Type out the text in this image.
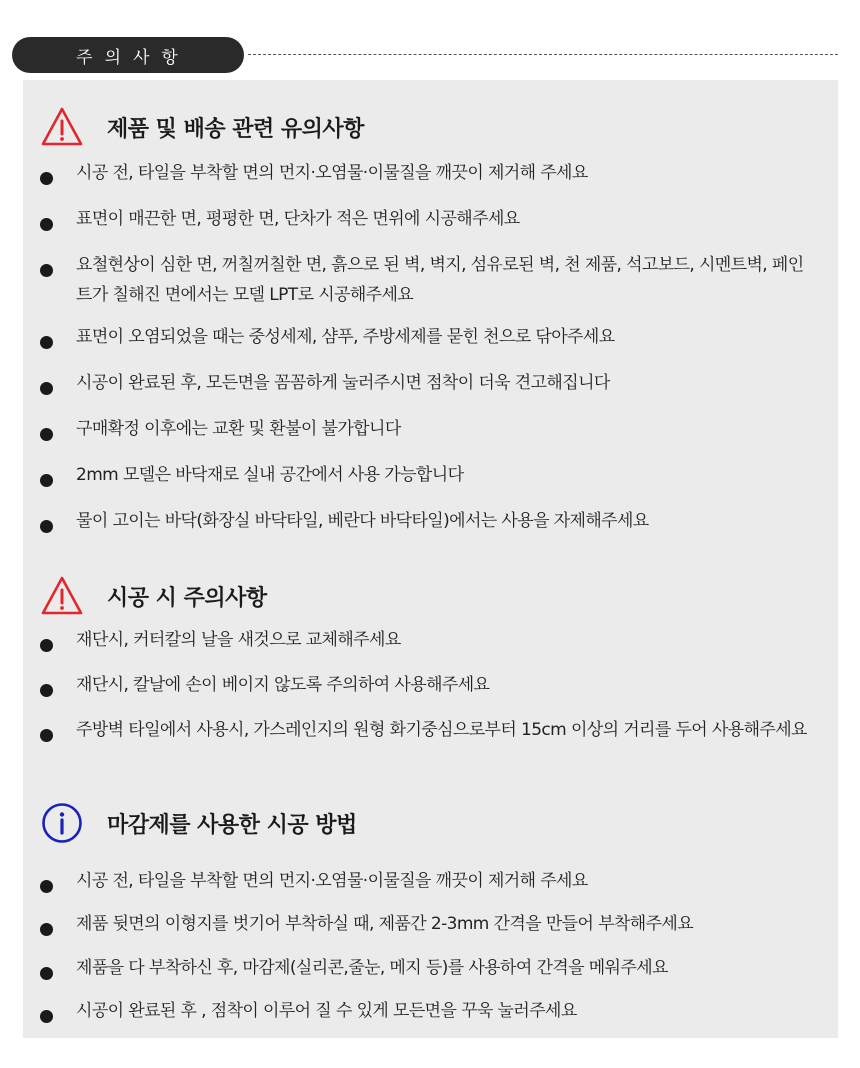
주의사항
제품 및 배송 관련 유의사항
시공 전, 타일을 부착할 면의 먼지·오염물·이물질을 깨끗이 제거해 주세요
표면이 매끈한 면, 평평한 면, 단차가 적은 면위에 시공해주세요
요철현상이 심한 면, 꺼칠꺼칠한 면, 흙으로 된 벽, 벽지, 섬유로된 벽, 천 제품, 석고보드, 시멘트벽, 페인트가 칠해진 면에서는 모델 LPT로 시공해주세요
표면이 오염되었을 때는 중성세제, 샴푸, 주방세제를 묻힌 천으로 닦아주세요
시공이 완료된 후, 모든면을 꼼꼼하게 눌러주시면 점착이 더욱 견고해집니다
구매확정 이후에는 교환 및 환불이 불가합니다
2mm 모델은 바닥재로 실내 공간에서 사용 가능합니다
물이 고이는 바닥(화장실 바닥타일, 베란다 바닥타일)에서는 사용을 자제해주세요
시공 시 주의사항
재단시, 커터칼의 날을 새것으로 교체해주세요
재단시, 칼날에 손이 베이지 않도록 주의하여 사용해주세요
주방벽 타일에서 사용시, 가스레인지의 원형 화기중심으로부터 15cm 이상의 거리를 두어 사용해주세요
마감제를 사용한 시공 방법
시공 전, 타일을 부착할 면의 먼지·오염물·이물질을 깨끗이 제거해 주세요
제품 뒷면의 이형지를 벗기어 부착하실 때, 제품간 2-3mm 간격을 만들어 부착해주세요
제품을 다 부착하신 후, 마감제(실리콘,줄눈, 메지 등)를 사용하여 간격을 메워주세요
시공이 완료된 후 , 점착이 이루어 질 수 있게 모든면을 꾸욱 눌러주세요
